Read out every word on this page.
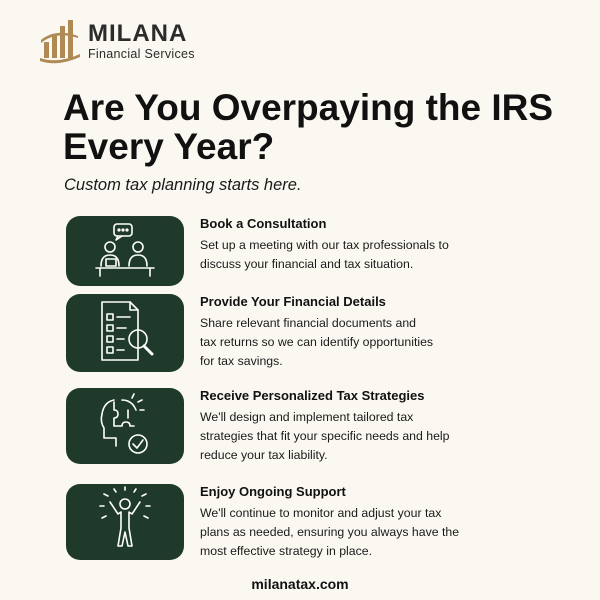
MILANA
Financial Services
Are You Overpaying the IRS
Every Year?
Custom tax planning starts here.
Book a Consultation
Set up a meeting with our tax professionals to
discuss your financial and tax situation.
Provide Your Financial Details
Share relevant financial documents and
tax returns so we can identify opportunities
for tax savings.
Receive Personalized Tax Strategies
We'll design and implement tailored tax
strategies that fit your specific needs and help
reduce your tax liability.
Enjoy Ongoing Support
We'll continue to monitor and adjust your tax
plans as needed, ensuring you always have the
most effective strategy in place.
milanatax.com
